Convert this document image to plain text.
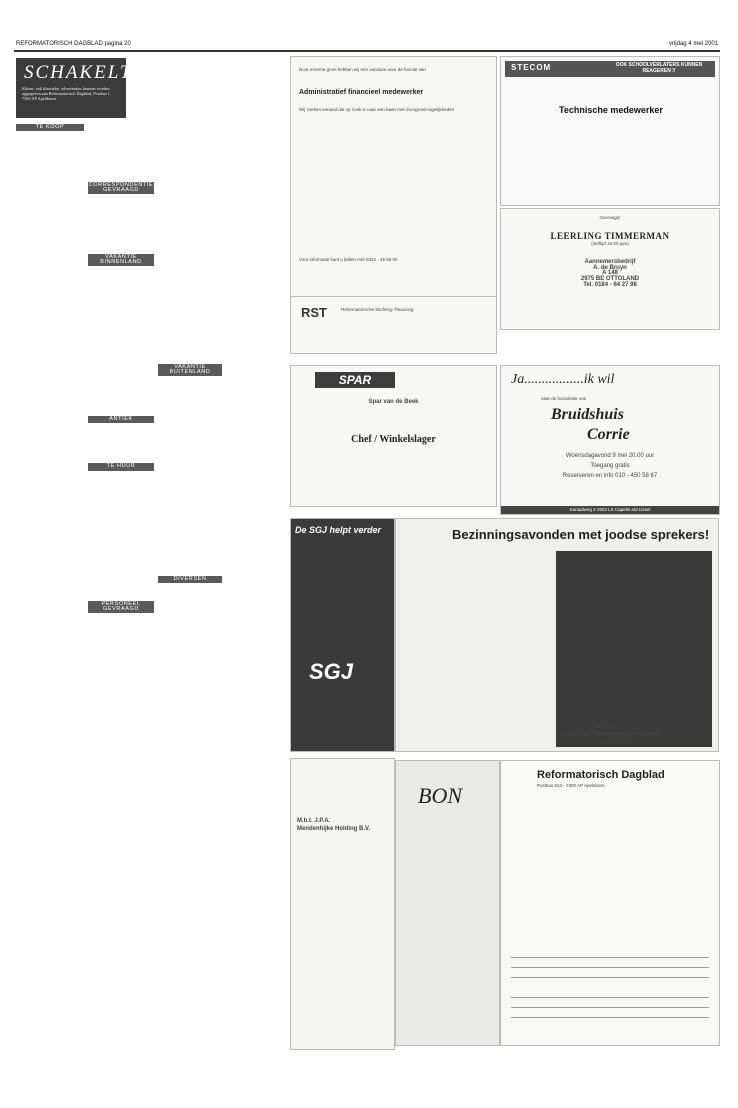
REFORMATORISCH DAGBLAD pagina 20	vrijdag 4 mei 2001
SCHAKELTJES
Kleine, ook klassieke, advertenties kunnen worden opgegeven aan Reformatorisch Dagblad, Postbus 1, 7300 AP Apeldoorn
TE KOOP
CORRESPONDENTIE GEVRAAGD
VAKANTIE BINNENLAND
ANTIEK
TE HUUR
PERSONEEL GEVRAAGD
VAKANTIE BUITENLAND
DIVERSEN
Door enorme groei hebben wij een vacature voor de functie van
Administratief financieel medewerker
Wij zoeken iemand die op zoek is naar een baan met doorgroeimogelijkheden
Voor informatie kunt u bellen met 0342 - 45 56 00
RST	Reformatorische Stichting Thuiszorg
SPAR
Spar van de Beek
Chef / Winkelslager
STECOM	OOK SCHOOLVERLATERS KUNNEN REAGEREN !!
Technische medewerker
Gevraagd:
LEERLING TIMMERMAN
(leeftijd 16-20 jaar)
Aannemersbedrijf
A. de Bruyn
A 148
2975 BE OTTOLAND
Tel. 0184 - 64 27 98
Ja.................ik wil
naar de huissluiter van
Bruidshuis
Corrie
Woensdagavond 9 mei 20.00 uur
Toegang gratis
Reserveren en info 010 - 450 58 67
Kanaalweg 4 2903 LS Capelle a/d IJssel
De SGJ helpt verder
SGJ
Bezinningsavonden met joodse sprekers!
419925
STICHTING "VRIENDEN VAN HET CHEIDER"
te Apeldoorn
M.b.t. J.P.A.
Mendenhijke Holding B.V.
BON
Reformatorisch Dagblad
Postbus 613 - 7300 AP Apeldoorn
